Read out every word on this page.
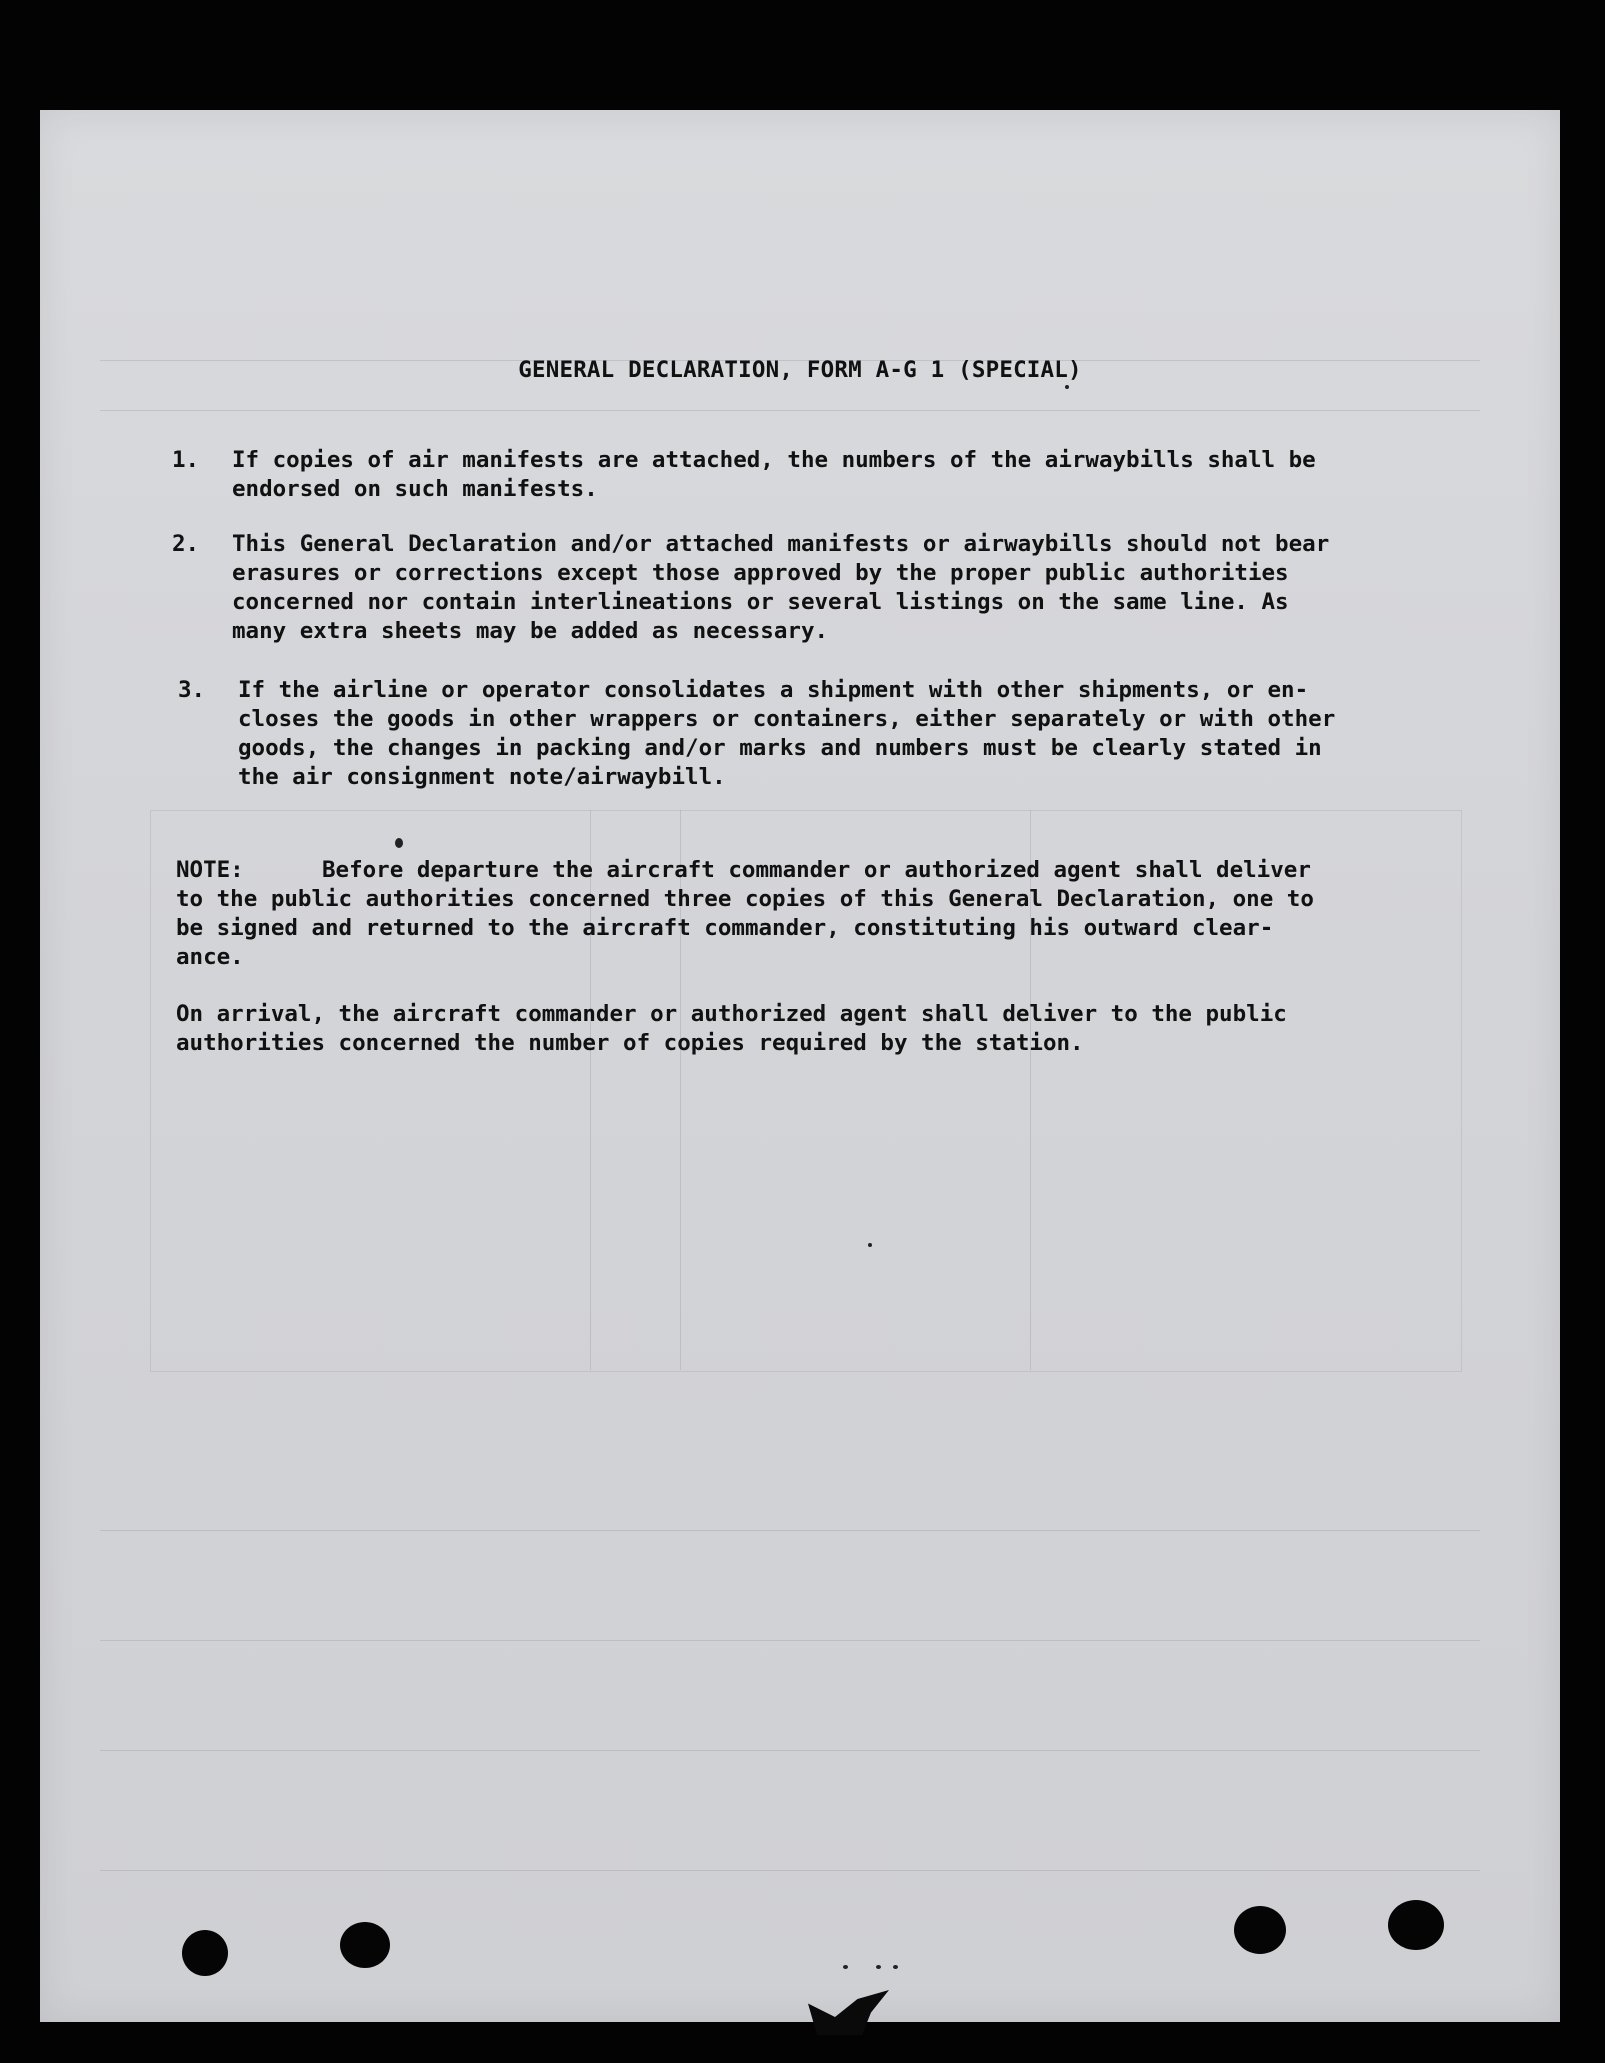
GENERAL DECLARATION, FORM A-G 1 (SPECIAL)
1. If copies of air manifests are attached, the numbers of the airwaybills shall be
endorsed on such manifests.
2. This General Declaration and/or attached manifests or airwaybills should not bear
erasures or corrections except those approved by the proper public authorities
concerned nor contain interlineations or several listings on the same line. As
many extra sheets may be added as necessary.
3. If the airline or operator consolidates a shipment with other shipments, or en-
closes the goods in other wrappers or containers, either separately or with other
goods, the changes in packing and/or marks and numbers must be clearly stated in
the air consignment note/airwaybill.
NOTE:	Before departure the aircraft commander or authorized agent shall deliver
to the public authorities concerned three copies of this General Declaration, one to
be signed and returned to the aircraft commander, constituting his outward clear-
ance.
On arrival, the aircraft commander or authorized agent shall deliver to the public
authorities concerned the number of copies required by the station.
